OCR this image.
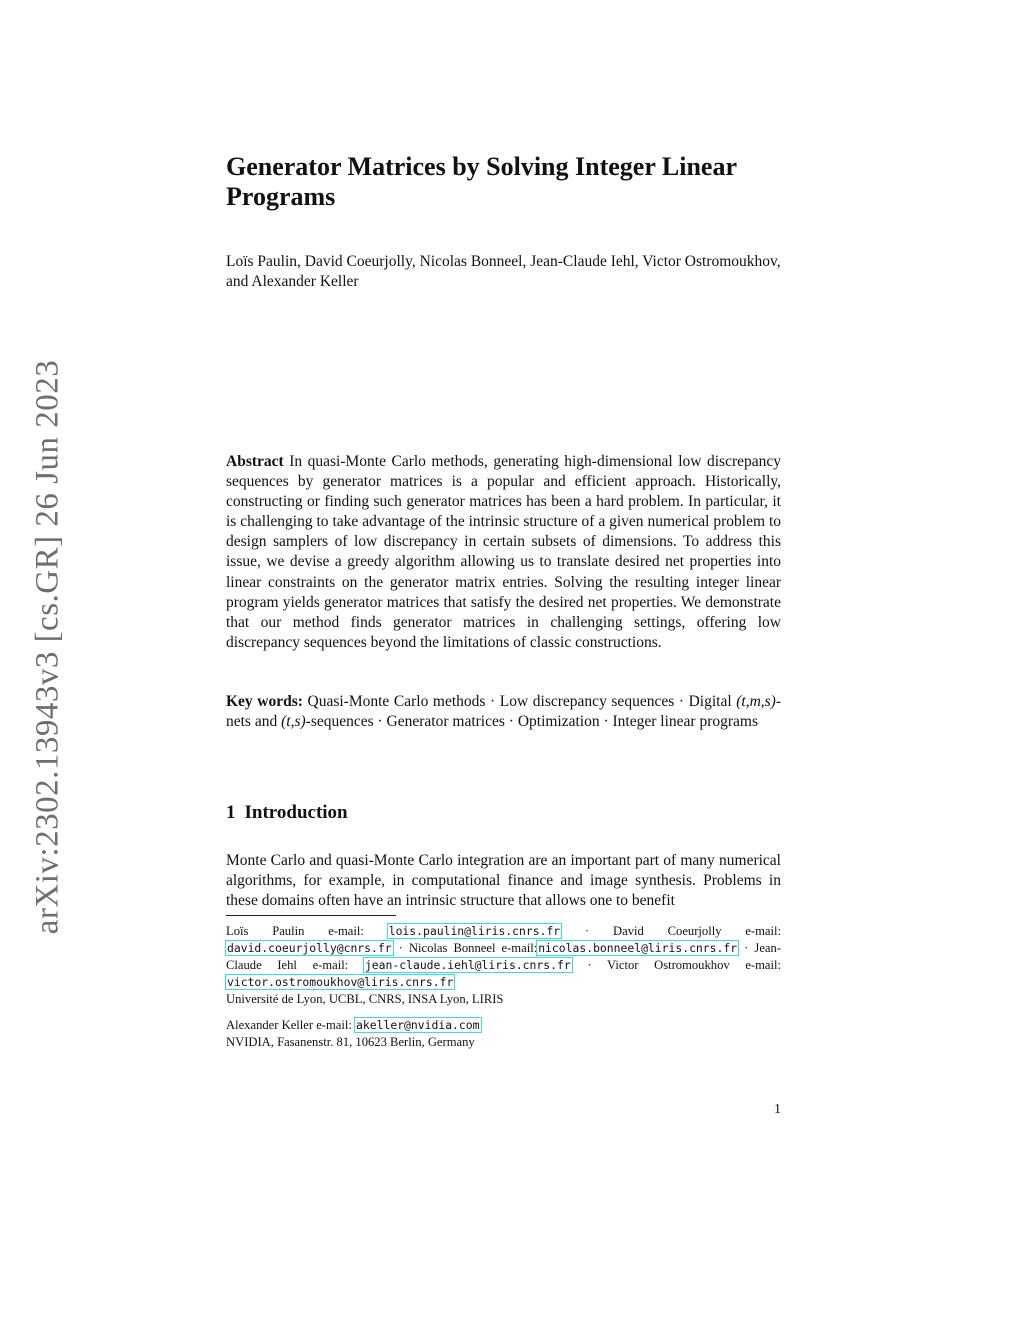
arXiv:2302.13943v3 [cs.GR] 26 Jun 2023
Generator Matrices by Solving Integer Linear Programs

Loïs Paulin, David Coeurjolly, Nicolas Bonneel, Jean-Claude Iehl, Victor Ostromoukhov, and Alexander Keller

Abstract In quasi-Monte Carlo methods, generating high-dimensional low discrepancy sequences by generator matrices is a popular and efficient approach. Historically, constructing or finding such generator matrices has been a hard problem. In particular, it is challenging to take advantage of the intrinsic structure of a given numerical problem to design samplers of low discrepancy in certain subsets of dimensions. To address this issue, we devise a greedy algorithm allowing us to translate desired net properties into linear constraints on the generator matrix entries. Solving the resulting integer linear program yields generator matrices that satisfy the desired net properties. We demonstrate that our method finds generator matrices in challenging settings, offering low discrepancy sequences beyond the limitations of classic constructions.

Key words: Quasi-Monte Carlo methods · Low discrepancy sequences · Digital (t,m,s)-nets and (t,s)-sequences · Generator matrices · Optimization · Integer linear programs

1 Introduction

Monte Carlo and quasi-Monte Carlo integration are an important part of many numerical algorithms, for example, in computational finance and image synthesis. Problems in these domains often have an intrinsic structure that allows one to benefit

Loïs Paulin e-mail: lois.paulin@liris.cnrs.fr · David Coeurjolly e-mail: david.coeurjolly@cnrs.fr · Nicolas Bonneel e-mail:nicolas.bonneel@liris.cnrs.fr · Jean-Claude Iehl e-mail: jean-claude.iehl@liris.cnrs.fr · Victor Ostromoukhov e-mail: victor.ostromoukhov@liris.cnrs.fr

Université de Lyon, UCBL, CNRS, INSA Lyon, LIRIS

Alexander Keller e-mail: akeller@nvidia.com

NVIDIA, Fasanenstr. 81, 10623 Berlin, Germany

1
